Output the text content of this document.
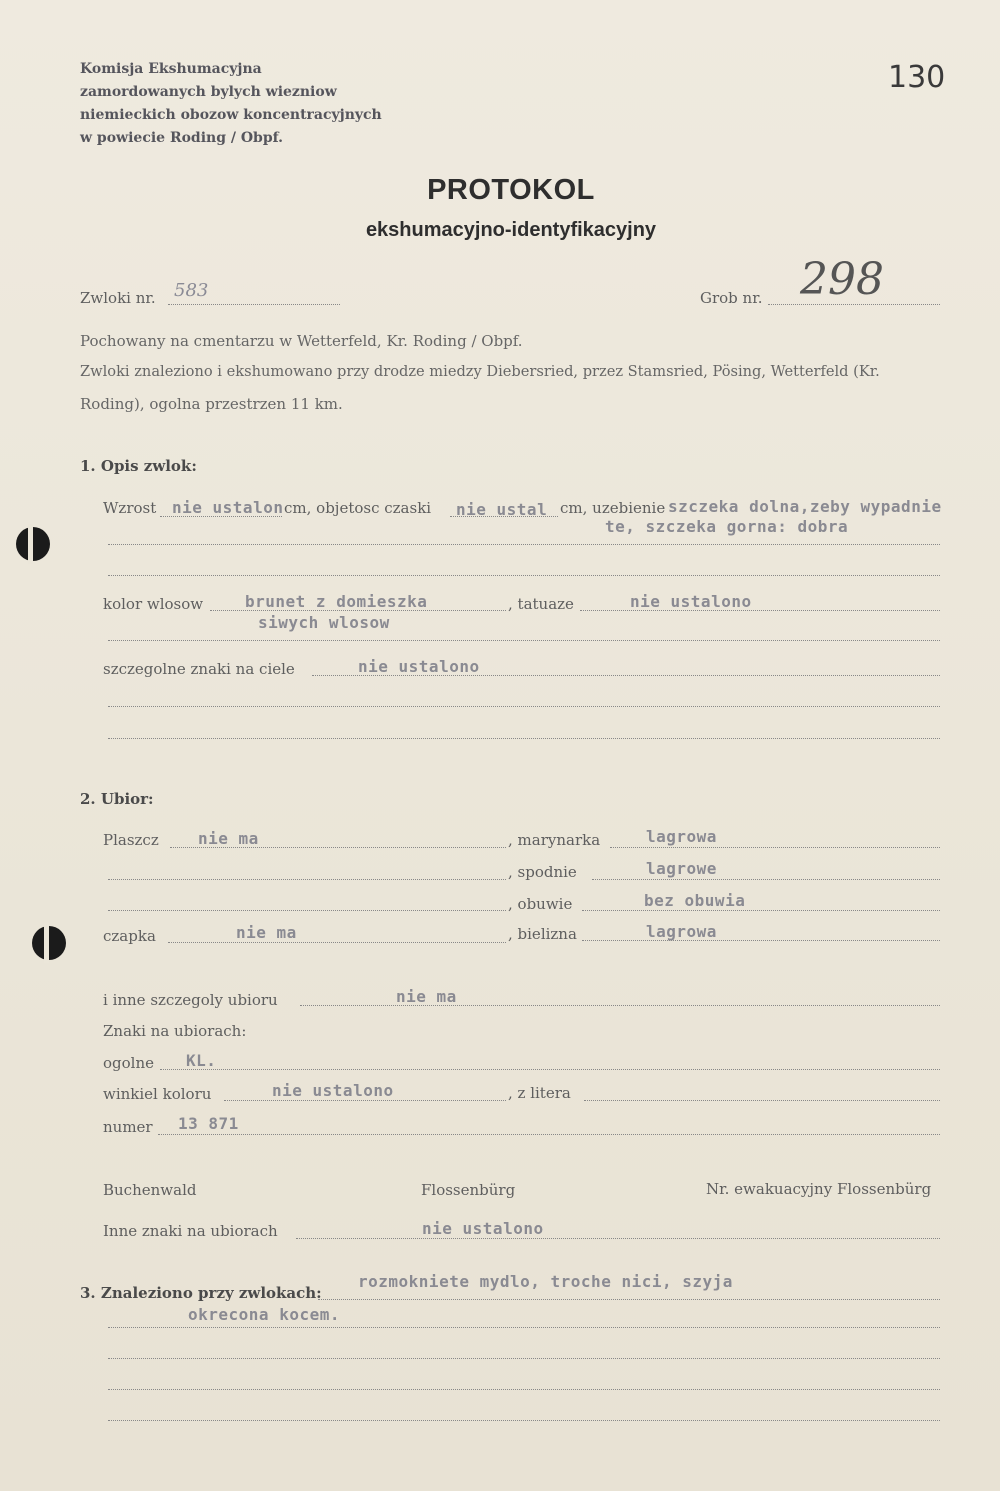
Komisja Ekshumacyjna
zamordowanych bylych wiezniow
niemieckich obozow koncentracyjnych
w powiecie Roding / Obpf.
130
PROTOKOL
ekshumacyjno-identyfikacyjny
Zwloki nr. 583	Grob nr. 298
Pochowany na cmentarzu w Wetterfeld, Kr. Roding / Obpf.
Zwloki znaleziono i ekshumowano przy drodze miedzy Diebersried, przez Stamsried, Pösing, Wetterfeld (Kr.
Roding), ogolna przestrzen 11 km.
1. Opis zwlok:
Wzrost nie ustalon cm, objetosc czaski nie ustal cm, uzebienie szczeka dolna,zeby wypadnie
te, szczeka gorna: dobra
kolor wlosow	brunet z domieszka
siwych wlosow
, tatuaze	nie ustalono
szczegolne znaki na ciele	nie ustalono
2. Ubior:
Plaszcz nie ma	, marynarka	lagrowa
, spodnie	lagrowe
, obuwie	bez obuwia
czapka	nie ma	, bielizna	lagrowa
i inne szczegoly ubioru	nie ma
Znaki na ubiorach:
ogolne KL.
winkiel koloru	nie ustalono	, z litera
numer 13 871
Buchenwald	Flossenbürg	Nr. ewakuacyjny Flossenbürg
Inne znaki na ubiorach	nie ustalono
3. Znaleziono przy zwlokach:
rozmokniete mydlo, troche nici, szyja
okrecona kocem.
